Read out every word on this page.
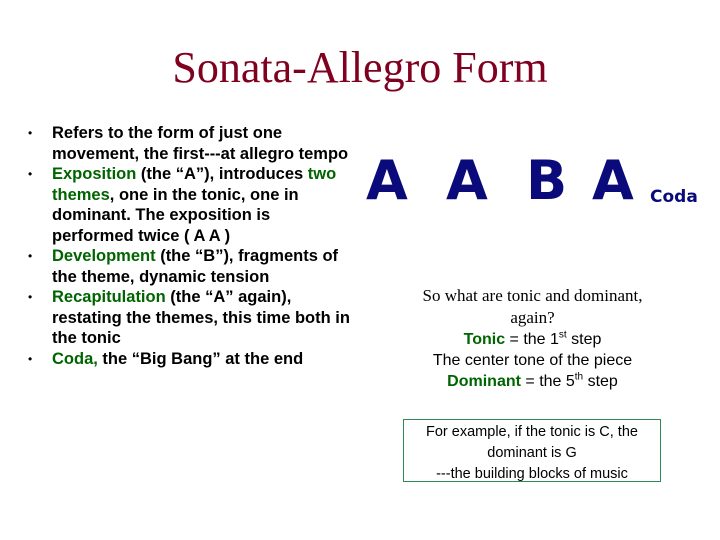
Sonata-Allegro Form
• Refers to the form of just one movement, the first---at allegro tempo
• Exposition (the “A”), introduces two themes, one in the tonic, one in dominant. The exposition is performed twice ( A A )
• Development (the “B”), fragments of the theme, dynamic tension
• Recapitulation (the “A” again), restating the themes, this time both in the tonic
• Coda, the “Big Bang” at the end
A A B A Coda
So what are tonic and dominant,
again?
Tonic = the 1st step
The center tone of the piece
Dominant = the 5th step
For example, if the tonic is C, the
dominant is G
---the building blocks of music
